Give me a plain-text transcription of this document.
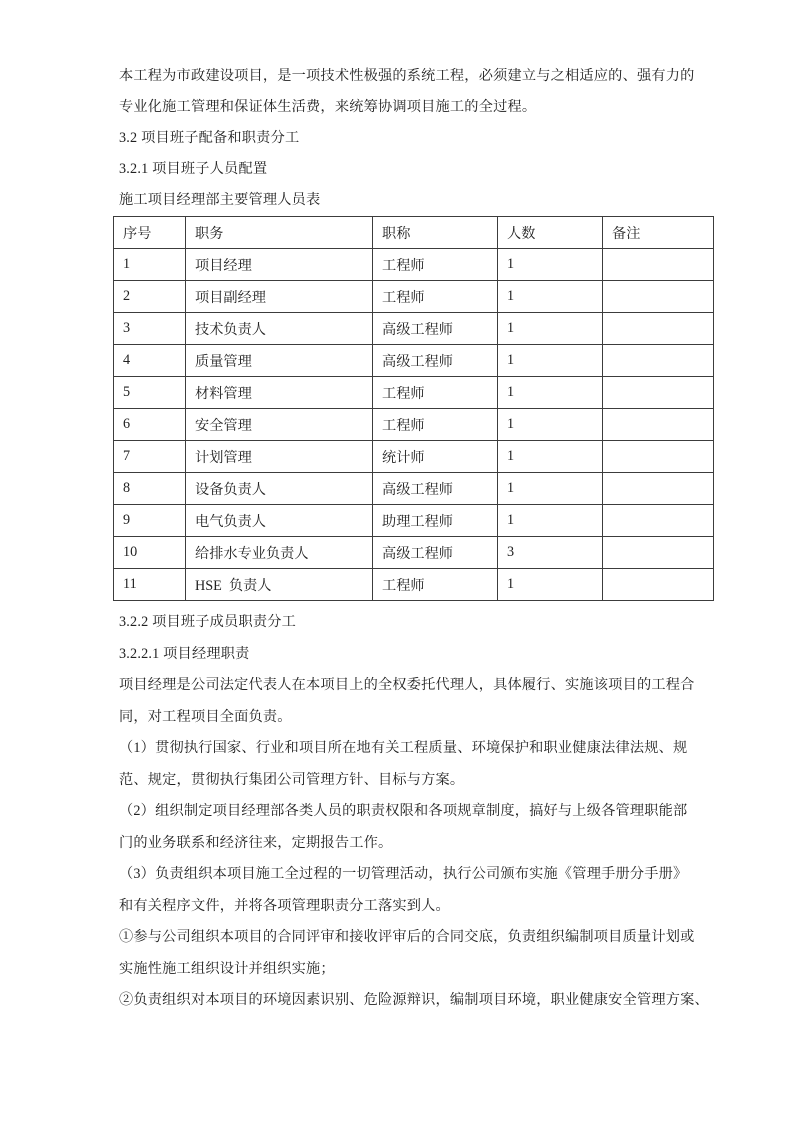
本工程为市政建设项目，是一项技术性极强的系统工程，必须建立与之相适应的、强有力的
专业化施工管理和保证体生活费，来统筹协调项目施工的全过程。
3.2 项目班子配备和职责分工
3.2.1 项目班子人员配置
施工项目经理部主要管理人员表
序号	职务	职称	人数	备注
1	项目经理	工程师	1	
2	项目副经理	工程师	1	
3	技术负责人	高级工程师	1	
4	质量管理	高级工程师	1	
5	材料管理	工程师	1	
6	安全管理	工程师	1	
7	计划管理	统计师	1	
8	设备负责人	高级工程师	1	
9	电气负责人	助理工程师	1	
10	给排水专业负责人	高级工程师	3	
11	HSE  负责人	工程师	1	
3.2.2 项目班子成员职责分工
3.2.2.1 项目经理职责
项目经理是公司法定代表人在本项目上的全权委托代理人，具体履行、实施该项目的工程合
同，对工程项目全面负责。
（1）贯彻执行国家、行业和项目所在地有关工程质量、环境保护和职业健康法律法规、规
范、规定，贯彻执行集团公司管理方针、目标与方案。
（2）组织制定项目经理部各类人员的职责权限和各项规章制度，搞好与上级各管理职能部
门的业务联系和经济往来，定期报告工作。
（3）负责组织本项目施工全过程的一切管理活动，执行公司颁布实施《管理手册分手册》
和有关程序文件，并将各项管理职责分工落实到人。
①参与公司组织本项目的合同评审和接收评审后的合同交底，负责组织编制项目质量计划或
实施性施工组织设计并组织实施；
②负责组织对本项目的环境因素识别、危险源辩识，编制项目环境，职业健康安全管理方案、
